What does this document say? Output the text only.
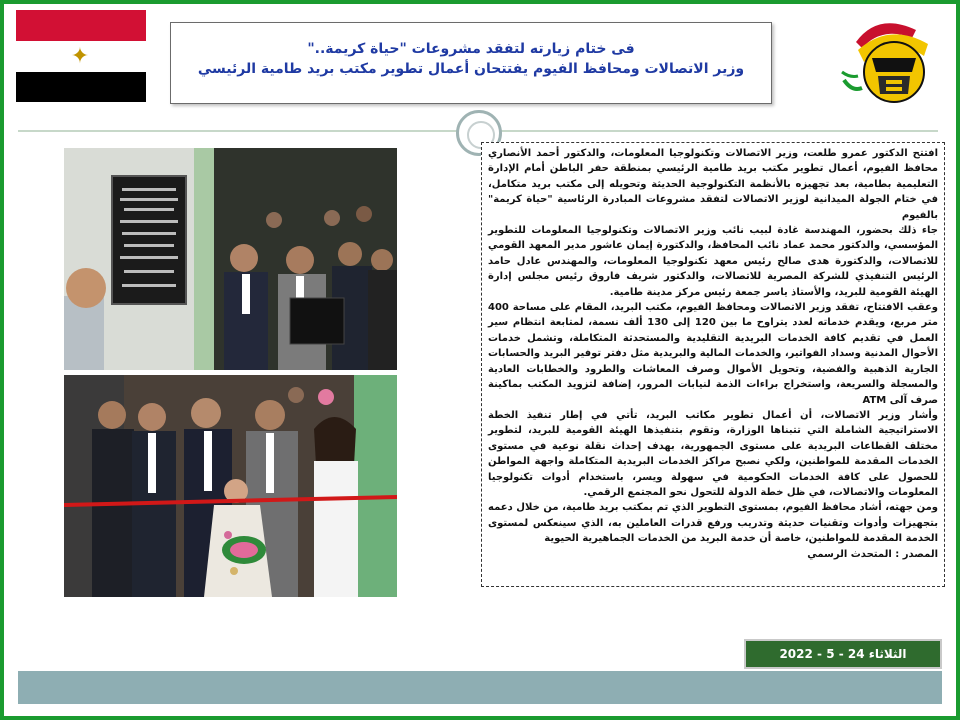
✦	فى ختام زيارته لتفقد مشروعات "حياة كريمة.."
وزير الاتصالات ومحافظ الفيوم يفتتحان أعمال تطوير مكتب بريد طامية الرئيسي

افتتح الدكتور عمرو طلعت، وزير الاتصالات وتكنولوجيا المعلومات، والدكتور أحمد الأنصاري محافظ الفيوم، أعمال تطوير مكتب بريد طامية الرئيسي بمنطقة حفر الباطن أمام الإدارة التعليمية بطامية، بعد تجهيزه بالأنظمة التكنولوجية الحديثة وتحويله إلى مكتب بريد متكامل، في ختام الجولة الميدانية لوزير الاتصالات لتفقد مشروعات المبادرة الرئاسية "حياة كريمة" بالفيوم

جاء ذلك بحضور، المهندسة غادة لبيب نائب وزير الاتصالات وتكنولوجيا المعلومات للتطوير المؤسسي، والدكتور محمد عماد نائب المحافظ، والدكتورة إيمان عاشور مدير المعهد القومي للاتصالات، والدكتورة هدى صالح رئيس معهد تكنولوجيا المعلومات، والمهندس عادل حامد الرئيس التنفيذي للشركة المصرية للاتصالات، والدكتور شريف فاروق رئيس مجلس إدارة الهيئة القومية للبريد، والأستاذ ياسر جمعة رئيس مركز مدينة طامية.

وعقب الافتتاح، تفقد وزير الاتصالات ومحافظ الفيوم، مكتب البريد، المقام على مساحة 400 متر مربع، ويقدم خدماته لعدد يتراوح ما بين 120 إلى 130 ألف نسمة، لمتابعة انتظام سير العمل في تقديم كافة الخدمات البريدية التقليدية والمستحدثة المتكاملة، وتشمل خدمات الأحوال المدنية وسداد الفواتير، والخدمات المالية والبريدية مثل دفتر توفير البريد والحسابات الجارية الذهبية والفضية، وتحويل الأموال وصرف المعاشات والطرود والخطابات العادية والمسجلة والسريعة، واستخراج براءات الذمة لنيابات المرور، إضافة لتزويد المكتب بماكينة صرف آلى ATM

وأشار وزير الاتصالات، أن أعمال تطوير مكاتب البريد، تأتي في إطار تنفيذ الخطة الاستراتيجية الشاملة التي تتبناها الوزارة، وتقوم بتنفيذها الهيئة القومية للبريد، لتطوير مختلف القطاعات البريدية على مستوى الجمهورية، بهدف إحداث نقلة نوعية في مستوى الخدمات المقدمة للمواطنين، ولكي نصبح مراكز الخدمات البريدية المتكاملة واجهة المواطن للحصول على كافة الخدمات الحكومية في سهولة ويسر، باستخدام أدوات تكنولوجيا المعلومات والاتصالات، في ظل خطة الدولة للتحول نحو المجتمع الرقمي.

ومن جهته، أشاد محافظ الفيوم، بمستوى التطوير الذي تم بمكتب بريد طامية، من خلال دعمه بتجهيزات وأدوات وتقنيات حديثة وتدريب ورفع قدرات العاملين به، الذي سينعكس لمستوى الخدمة المقدمة للمواطنين، خاصة أن خدمة البريد من الخدمات الجماهيرية الحيوية

المصدر : المتحدث الرسمي

الثلاثاء 24 - 5 - 2022
